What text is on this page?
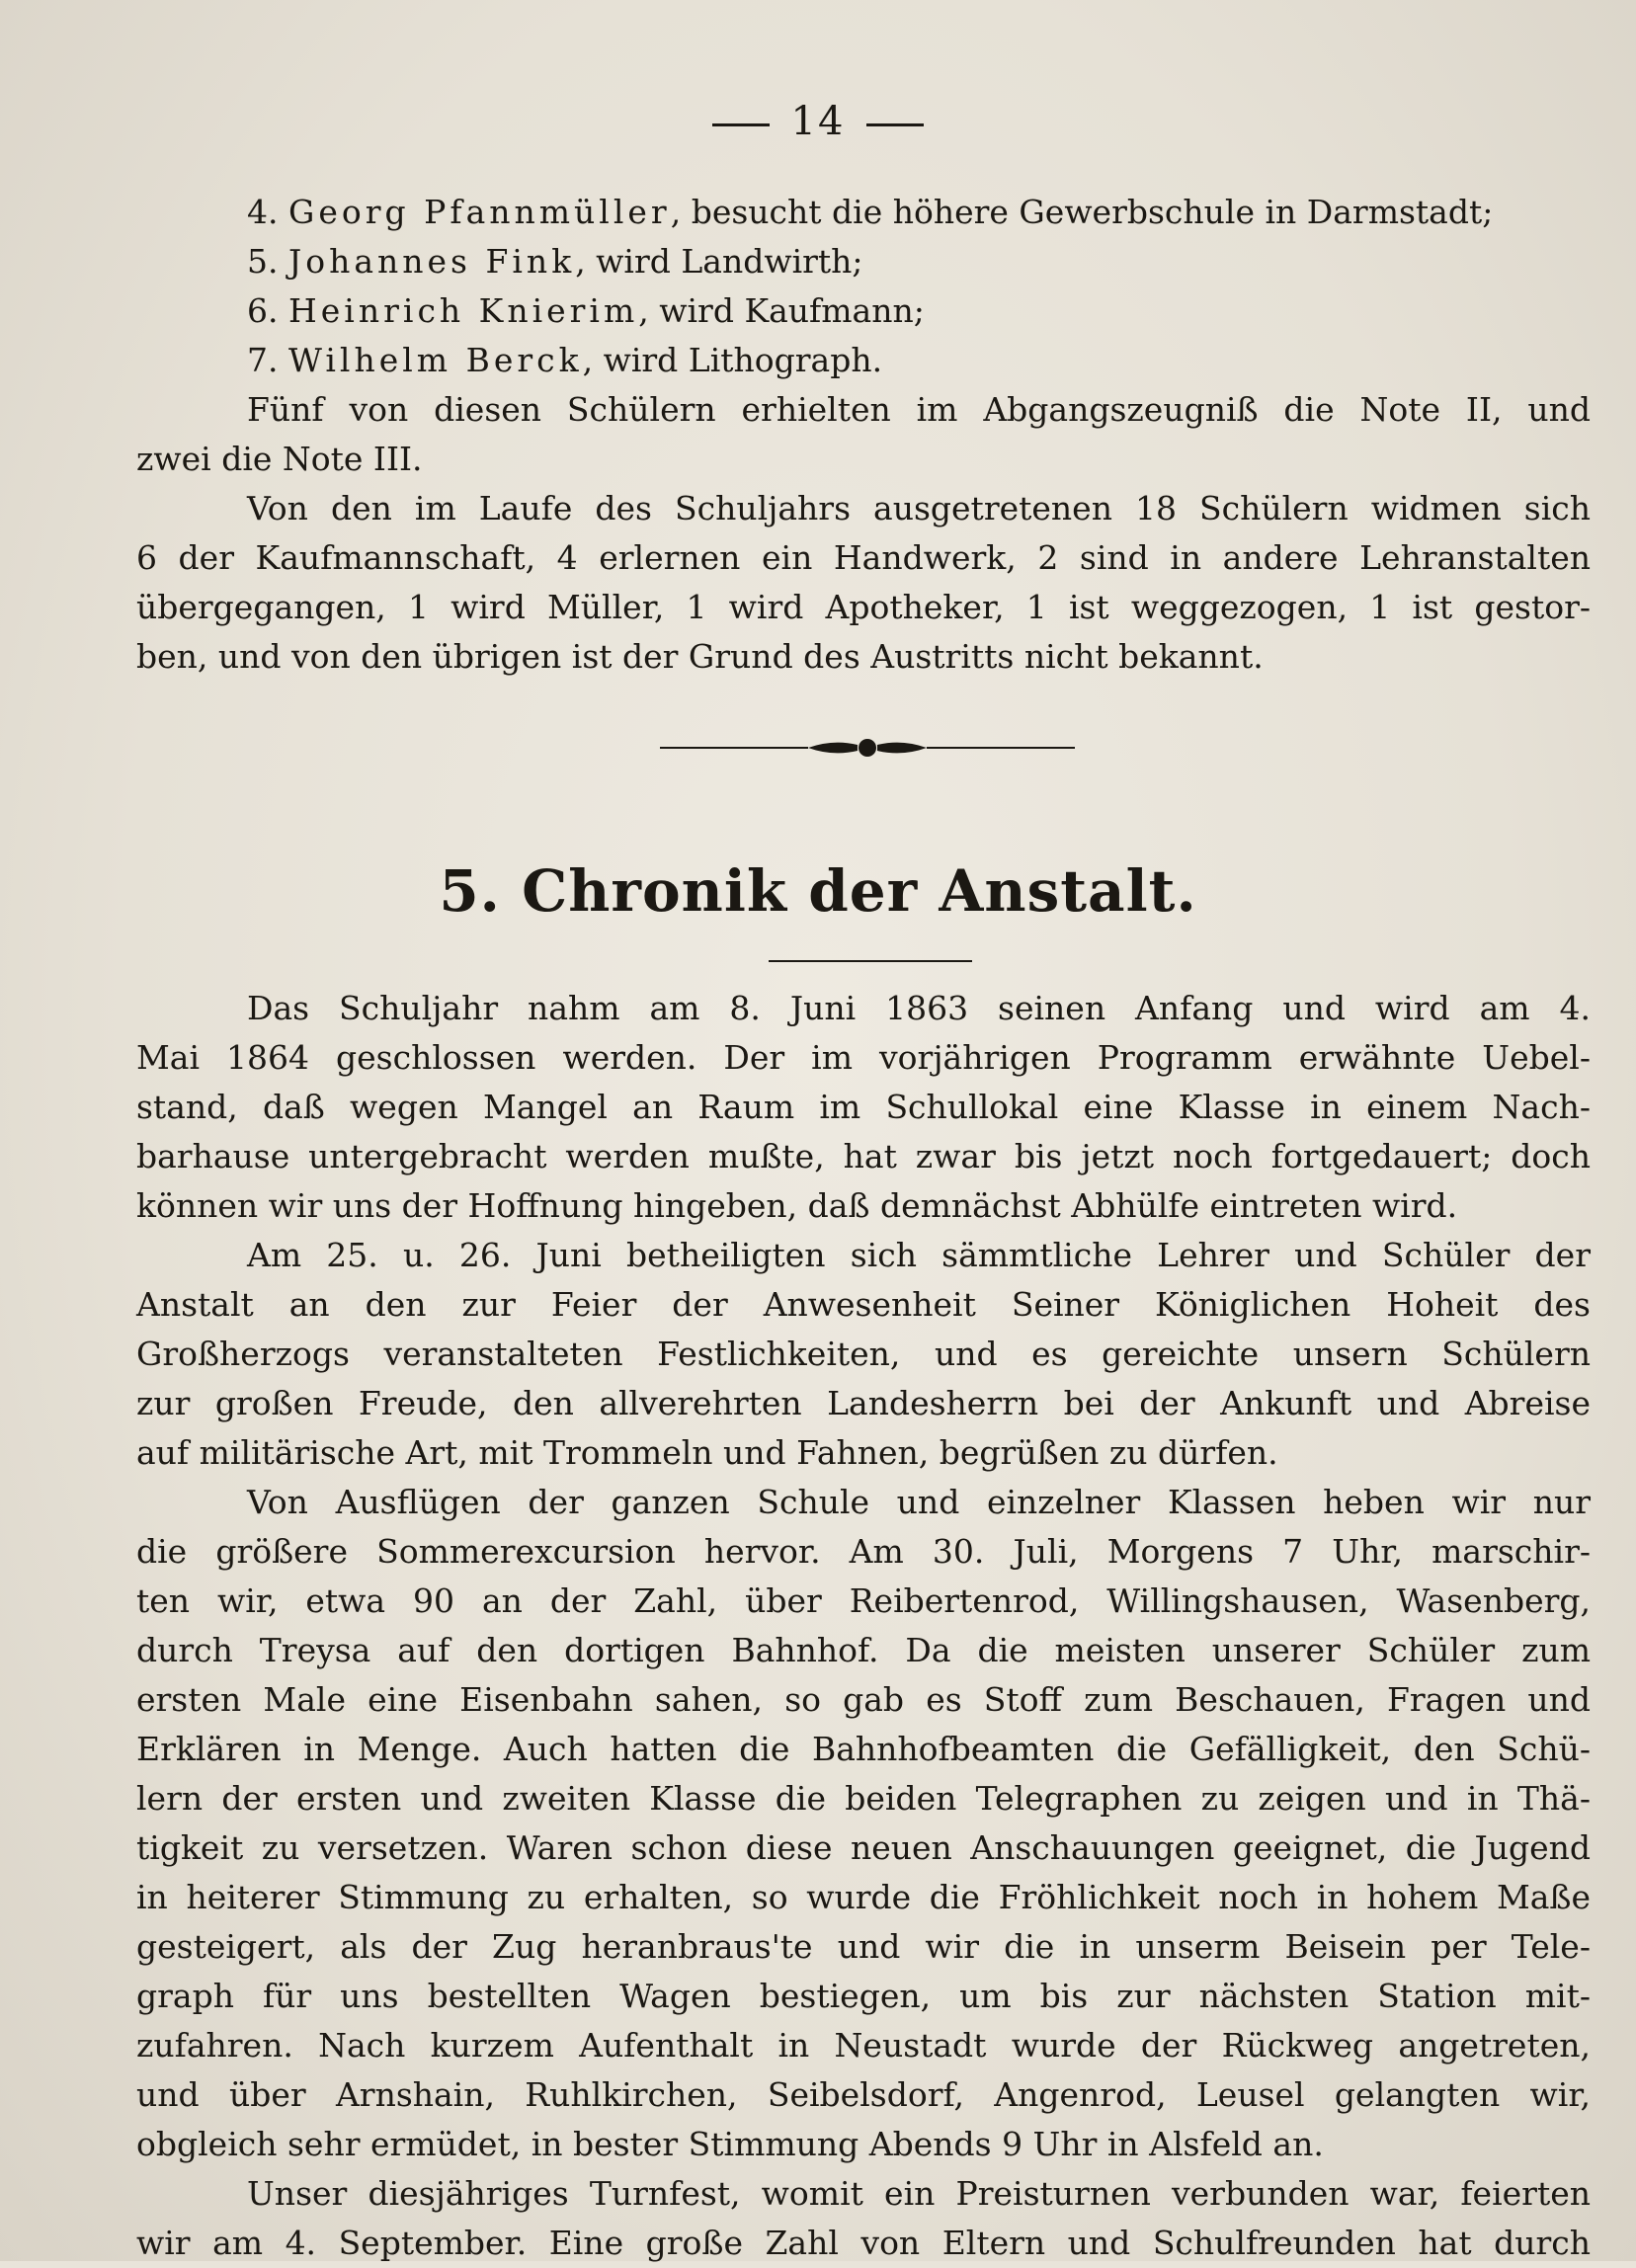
14
4. Georg Pfannmüller, besucht die höhere Gewerbschule in Darmstadt;
5. Johannes Fink, wird Landwirth;
6. Heinrich Knierim, wird Kaufmann;
7. Wilhelm Berck, wird Lithograph.
Fünf von diesen Schülern erhielten im Abgangszeugniß die Note II, und
zwei die Note III.
Von den im Laufe des Schuljahrs ausgetretenen 18 Schülern widmen sich
6 der Kaufmannschaft, 4 erlernen ein Handwerk, 2 sind in andere Lehranstalten
übergegangen, 1 wird Müller, 1 wird Apotheker, 1 ist weggezogen, 1 ist gestor-
ben, und von den übrigen ist der Grund des Austritts nicht bekannt.
5. Chronik der Anstalt.
Das Schuljahr nahm am 8. Juni 1863 seinen Anfang und wird am 4.
Mai 1864 geschlossen werden. Der im vorjährigen Programm erwähnte Uebel-
stand, daß wegen Mangel an Raum im Schullokal eine Klasse in einem Nach-
barhause untergebracht werden mußte, hat zwar bis jetzt noch fortgedauert; doch
können wir uns der Hoffnung hingeben, daß demnächst Abhülfe eintreten wird.
Am 25. u. 26. Juni betheiligten sich sämmtliche Lehrer und Schüler der
Anstalt an den zur Feier der Anwesenheit Seiner Königlichen Hoheit des
Großherzogs veranstalteten Festlichkeiten, und es gereichte unsern Schülern
zur großen Freude, den allverehrten Landesherrn bei der Ankunft und Abreise
auf militärische Art, mit Trommeln und Fahnen, begrüßen zu dürfen.
Von Ausflügen der ganzen Schule und einzelner Klassen heben wir nur
die größere Sommerexcursion hervor. Am 30. Juli, Morgens 7 Uhr, marschir-
ten wir, etwa 90 an der Zahl, über Reibertenrod, Willingshausen, Wasenberg,
durch Treysa auf den dortigen Bahnhof. Da die meisten unserer Schüler zum
ersten Male eine Eisenbahn sahen, so gab es Stoff zum Beschauen, Fragen und
Erklären in Menge. Auch hatten die Bahnhofbeamten die Gefälligkeit, den Schü-
lern der ersten und zweiten Klasse die beiden Telegraphen zu zeigen und in Thä-
tigkeit zu versetzen. Waren schon diese neuen Anschauungen geeignet, die Jugend
in heiterer Stimmung zu erhalten, so wurde die Fröhlichkeit noch in hohem Maße
gesteigert, als der Zug heranbraus'te und wir die in unserm Beisein per Tele-
graph für uns bestellten Wagen bestiegen, um bis zur nächsten Station mit-
zufahren. Nach kurzem Aufenthalt in Neustadt wurde der Rückweg angetreten,
und über Arnshain, Ruhlkirchen, Seibelsdorf, Angenrod, Leusel gelangten wir,
obgleich sehr ermüdet, in bester Stimmung Abends 9 Uhr in Alsfeld an.
Unser diesjähriges Turnfest, womit ein Preisturnen verbunden war, feierten
wir am 4. September. Eine große Zahl von Eltern und Schulfreunden hat durch
